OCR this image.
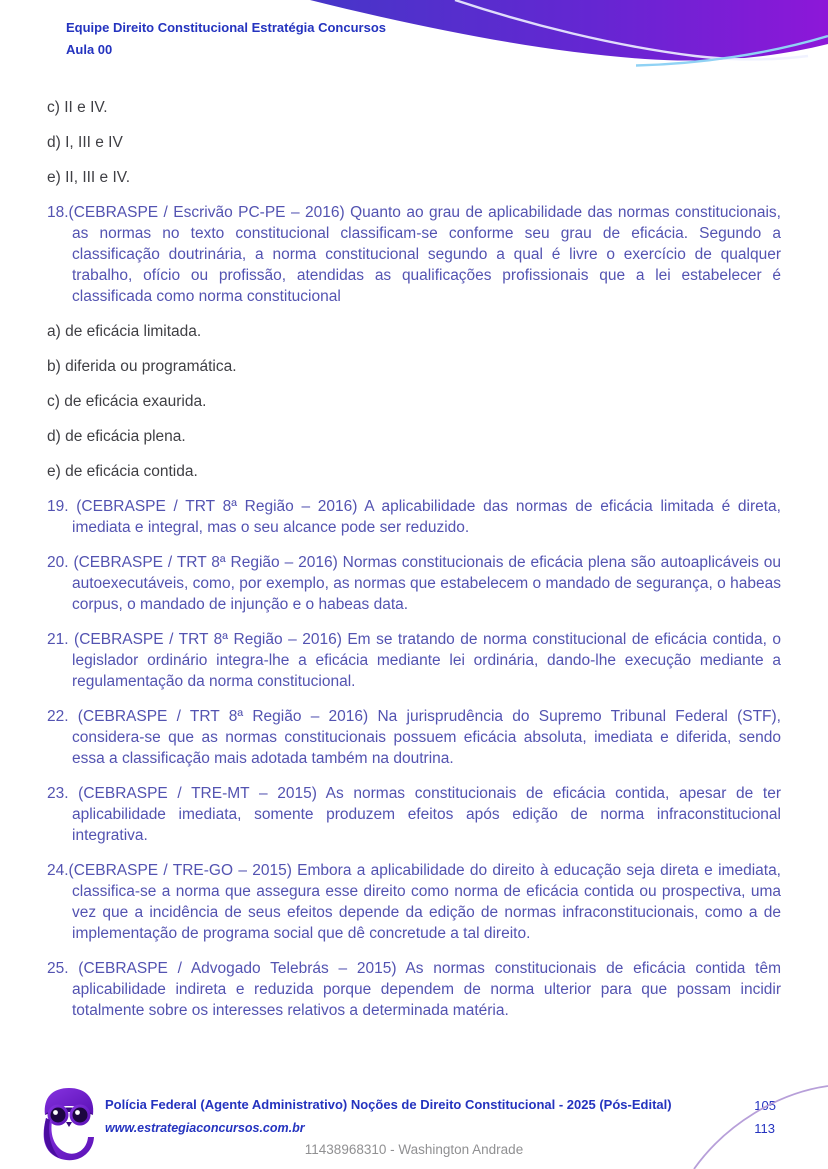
Equipe Direito Constitucional Estratégia Concursos
Aula 00

c) II e IV.

d) I, III e IV

e) II, III e IV.

18.(CEBRASPE / Escrivão PC-PE – 2016) Quanto ao grau de aplicabilidade das normas constitucionais, as normas no texto constitucional classificam-se conforme seu grau de eficácia. Segundo a classificação doutrinária, a norma constitucional segundo a qual é livre o exercício de qualquer trabalho, ofício ou profissão, atendidas as qualificações profissionais que a lei estabelecer é classificada como norma constitucional

a) de eficácia limitada.

b) diferida ou programática.

c) de eficácia exaurida.

d) de eficácia plena.

e) de eficácia contida.

19. (CEBRASPE / TRT 8ª Região – 2016) A aplicabilidade das normas de eficácia limitada é direta, imediata e integral, mas o seu alcance pode ser reduzido.

20. (CEBRASPE / TRT 8ª Região – 2016) Normas constitucionais de eficácia plena são autoaplicáveis ou autoexecutáveis, como, por exemplo, as normas que estabelecem o mandado de segurança, o habeas corpus, o mandado de injunção e o habeas data.

21. (CEBRASPE / TRT 8ª Região – 2016) Em se tratando de norma constitucional de eficácia contida, o legislador ordinário integra-lhe a eficácia mediante lei ordinária, dando-lhe execução mediante a regulamentação da norma constitucional.

22. (CEBRASPE / TRT 8ª Região – 2016) Na jurisprudência do Supremo Tribunal Federal (STF), considera-se que as normas constitucionais possuem eficácia absoluta, imediata e diferida, sendo essa a classificação mais adotada também na doutrina.

23. (CEBRASPE / TRE-MT – 2015) As normas constitucionais de eficácia contida, apesar de ter aplicabilidade imediata, somente produzem efeitos após edição de norma infraconstitucional integrativa.

24.(CEBRASPE / TRE-GO – 2015) Embora a aplicabilidade do direito à educação seja direta e imediata, classifica-se a norma que assegura esse direito como norma de eficácia contida ou prospectiva, uma vez que a incidência de seus efeitos depende da edição de normas infraconstitucionais, como a de implementação de programa social que dê concretude a tal direito.

25. (CEBRASPE / Advogado Telebrás – 2015) As normas constitucionais de eficácia contida têm aplicabilidade indireta e reduzida porque dependem de norma ulterior para que possam incidir totalmente sobre os interesses relativos a determinada matéria.

Polícia Federal (Agente Administrativo) Noções de Direito Constitucional - 2025 (Pós-Edital)
www.estrategiaconcursos.com.br
105
113
11438968310 - Washington Andrade
